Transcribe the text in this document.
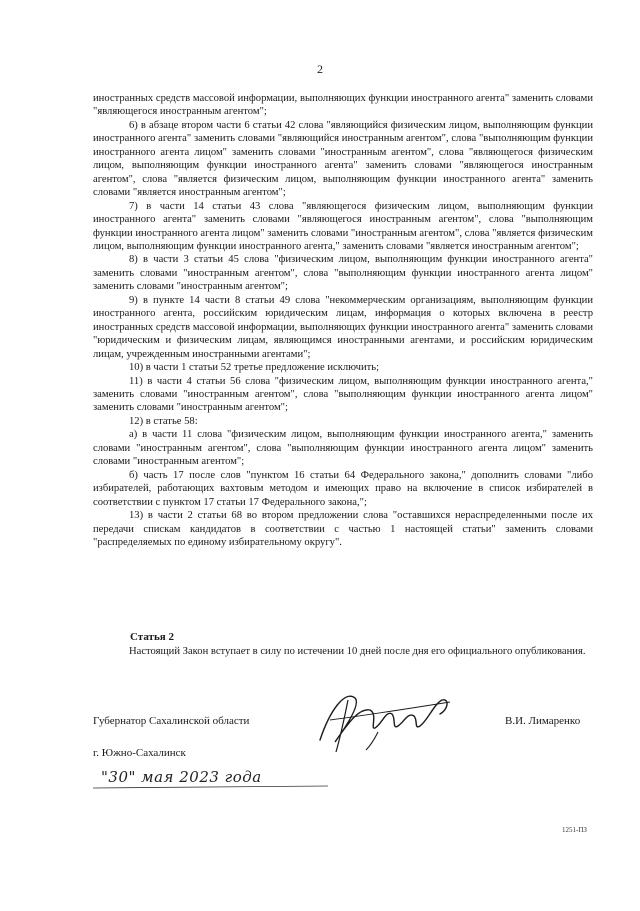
2

иностранных средств массовой информации, выполняющих функции иностранного агента" заменить словами "являющегося иностранным агентом";

6) в абзаце втором части 6 статьи 42 слова "являющийся физическим лицом, выполняющим функции иностранного агента" заменить словами "являющийся иностранным агентом", слова "выполняющим функции иностранного агента лицом" заменить словами "иностранным агентом", слова "являющегося физическим лицом, выполняющим функции иностранного агента" заменить словами "являющегося иностранным агентом", слова "является физическим лицом, выполняющим функции иностранного агента" заменить словами "является иностранным агентом";

7) в части 14 статьи 43 слова "являющегося физическим лицом, выполняющим функции иностранного агента" заменить словами "являющегося иностранным агентом", слова "выполняющим функции иностранного агента лицом" заменить словами "иностранным агентом", слова "является физическим лицом, выполняющим функции иностранного агента," заменить словами "является иностранным агентом";

8) в части 3 статьи 45 слова "физическим лицом, выполняющим функции иностранного агента" заменить словами "иностранным агентом", слова "выполняющим функции иностранного агента лицом" заменить словами "иностранным агентом";

9) в пункте 14 части 8 статьи 49 слова "некоммерческим организациям, выполняющим функции иностранного агента, российским юридическим лицам, информация о которых включена в реестр иностранных средств массовой информации, выполняющих функции иностранного агента" заменить словами "юридическим и физическим лицам, являющимся иностранными агентами, и российским юридическим лицам, учрежденным иностранными агентами";

10) в части 1 статьи 52 третье предложение исключить;

11) в части 4 статьи 56 слова "физическим лицом, выполняющим функции иностранного агента," заменить словами "иностранным агентом", слова "выполняющим функции иностранного агента лицом" заменить словами "иностранным агентом";

12) в статье 58:

а) в части 11 слова "физическим лицом, выполняющим функции иностранного агента," заменить словами "иностранным агентом", слова "выполняющим функции иностранного агента лицом" заменить словами "иностранным агентом";

б) часть 17 после слов "пунктом 16 статьи 64 Федерального закона," дополнить словами "либо избирателей, работающих вахтовым методом и имеющих право на включение в список избирателей в соответствии с пунктом 17 статьи 17 Федерального закона,";

13) в части 2 статьи 68 во втором предложении слова "оставшихся нераспределенными после их передачи спискам кандидатов в соответствии с частью 1 настоящей статьи" заменить словами "распределяемых по единому избирательному округу".

Статья 2

Настоящий Закон вступает в силу по истечении 10 дней после дня его официального опубликования.

Губернатор Сахалинской области	В.И. Лимаренко
г. Южно-Сахалинск
"30" мая 2023 года
1251-ПЗ
